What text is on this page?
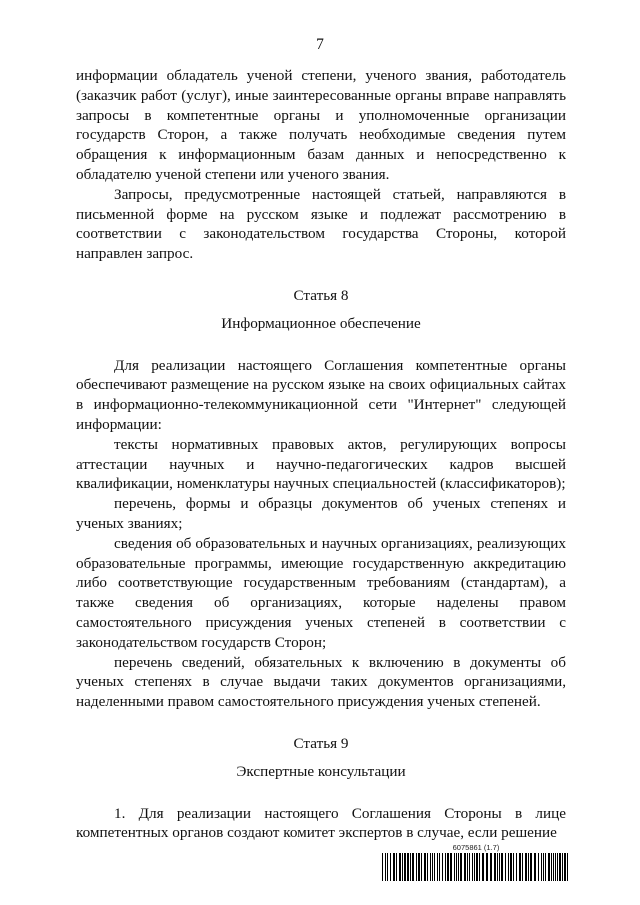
7

информации обладатель ученой степени, ученого звания, работодатель (заказчик работ (услуг), иные заинтересованные органы вправе направлять запросы в компетентные органы и уполномоченные организации государств Сторон, а также получать необходимые сведения путем обращения к информационным базам данных и непосредственно к обладателю ученой степени или ученого звания.

Запросы, предусмотренные настоящей статьей, направляются в письменной форме на русском языке и подлежат рассмотрению в соответствии с законодательством государства Стороны, которой направлен запрос.

Статья 8

Информационное обеспечение

Для реализации настоящего Соглашения компетентные органы обеспечивают размещение на русском языке на своих официальных сайтах в информационно-телекоммуникационной сети "Интернет" следующей информации:

тексты нормативных правовых актов, регулирующих вопросы аттестации научных и научно-педагогических кадров высшей квалификации, номенклатуры научных специальностей (классификаторов);

перечень, формы и образцы документов об ученых степенях и ученых званиях;

сведения об образовательных и научных организациях, реализующих образовательные программы, имеющие государственную аккредитацию либо соответствующие государственным требованиям (стандартам), а также сведения об организациях, которые наделены правом самостоятельного присуждения ученых степеней в соответствии с законодательством государств Сторон;

перечень сведений, обязательных к включению в документы об ученых степенях в случае выдачи таких документов организациями, наделенными правом самостоятельного присуждения ученых степеней.

Статья 9

Экспертные консультации

1. Для реализации настоящего Соглашения Стороны в лице компетентных органов создают комитет экспертов в случае, если решение

6075861 (1.7)
